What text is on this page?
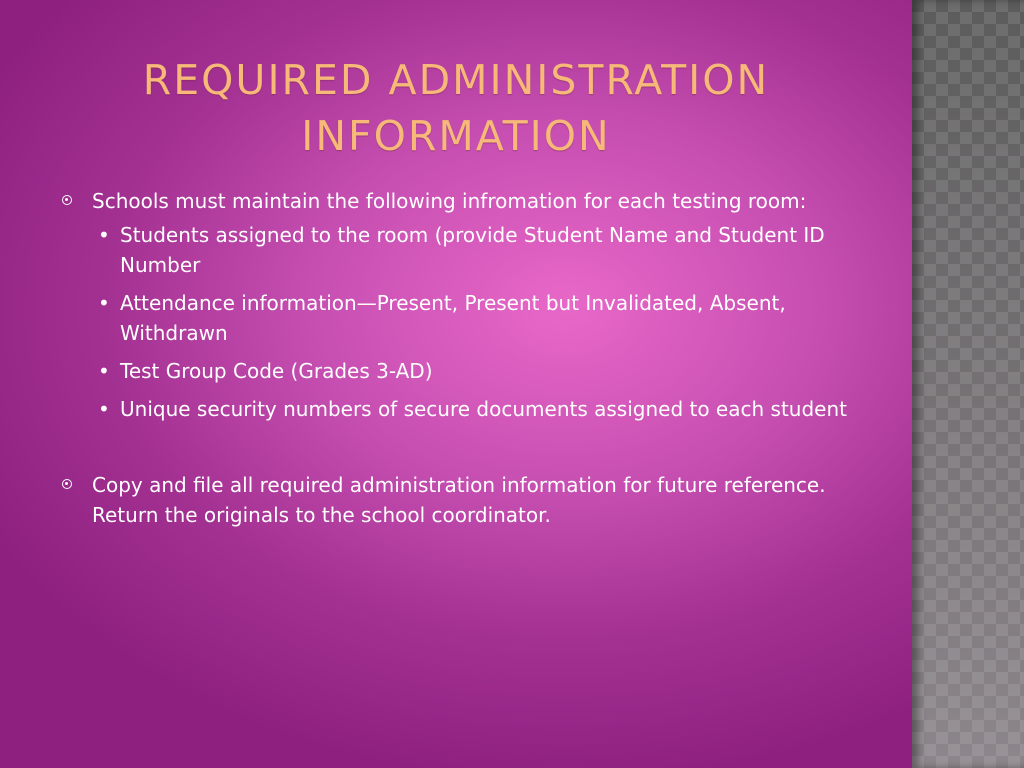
REQUIRED ADMINISTRATION INFORMATION
Schools must maintain the following infromation for each testing room:
• Students assigned to the room (provide Student Name and Student ID Number
• Attendance information—Present, Present but Invalidated, Absent, Withdrawn
• Test Group Code (Grades 3-AD)
• Unique security numbers of secure documents assigned to each student
Copy and file all required administration information for future reference. Return the originals to the school coordinator.
